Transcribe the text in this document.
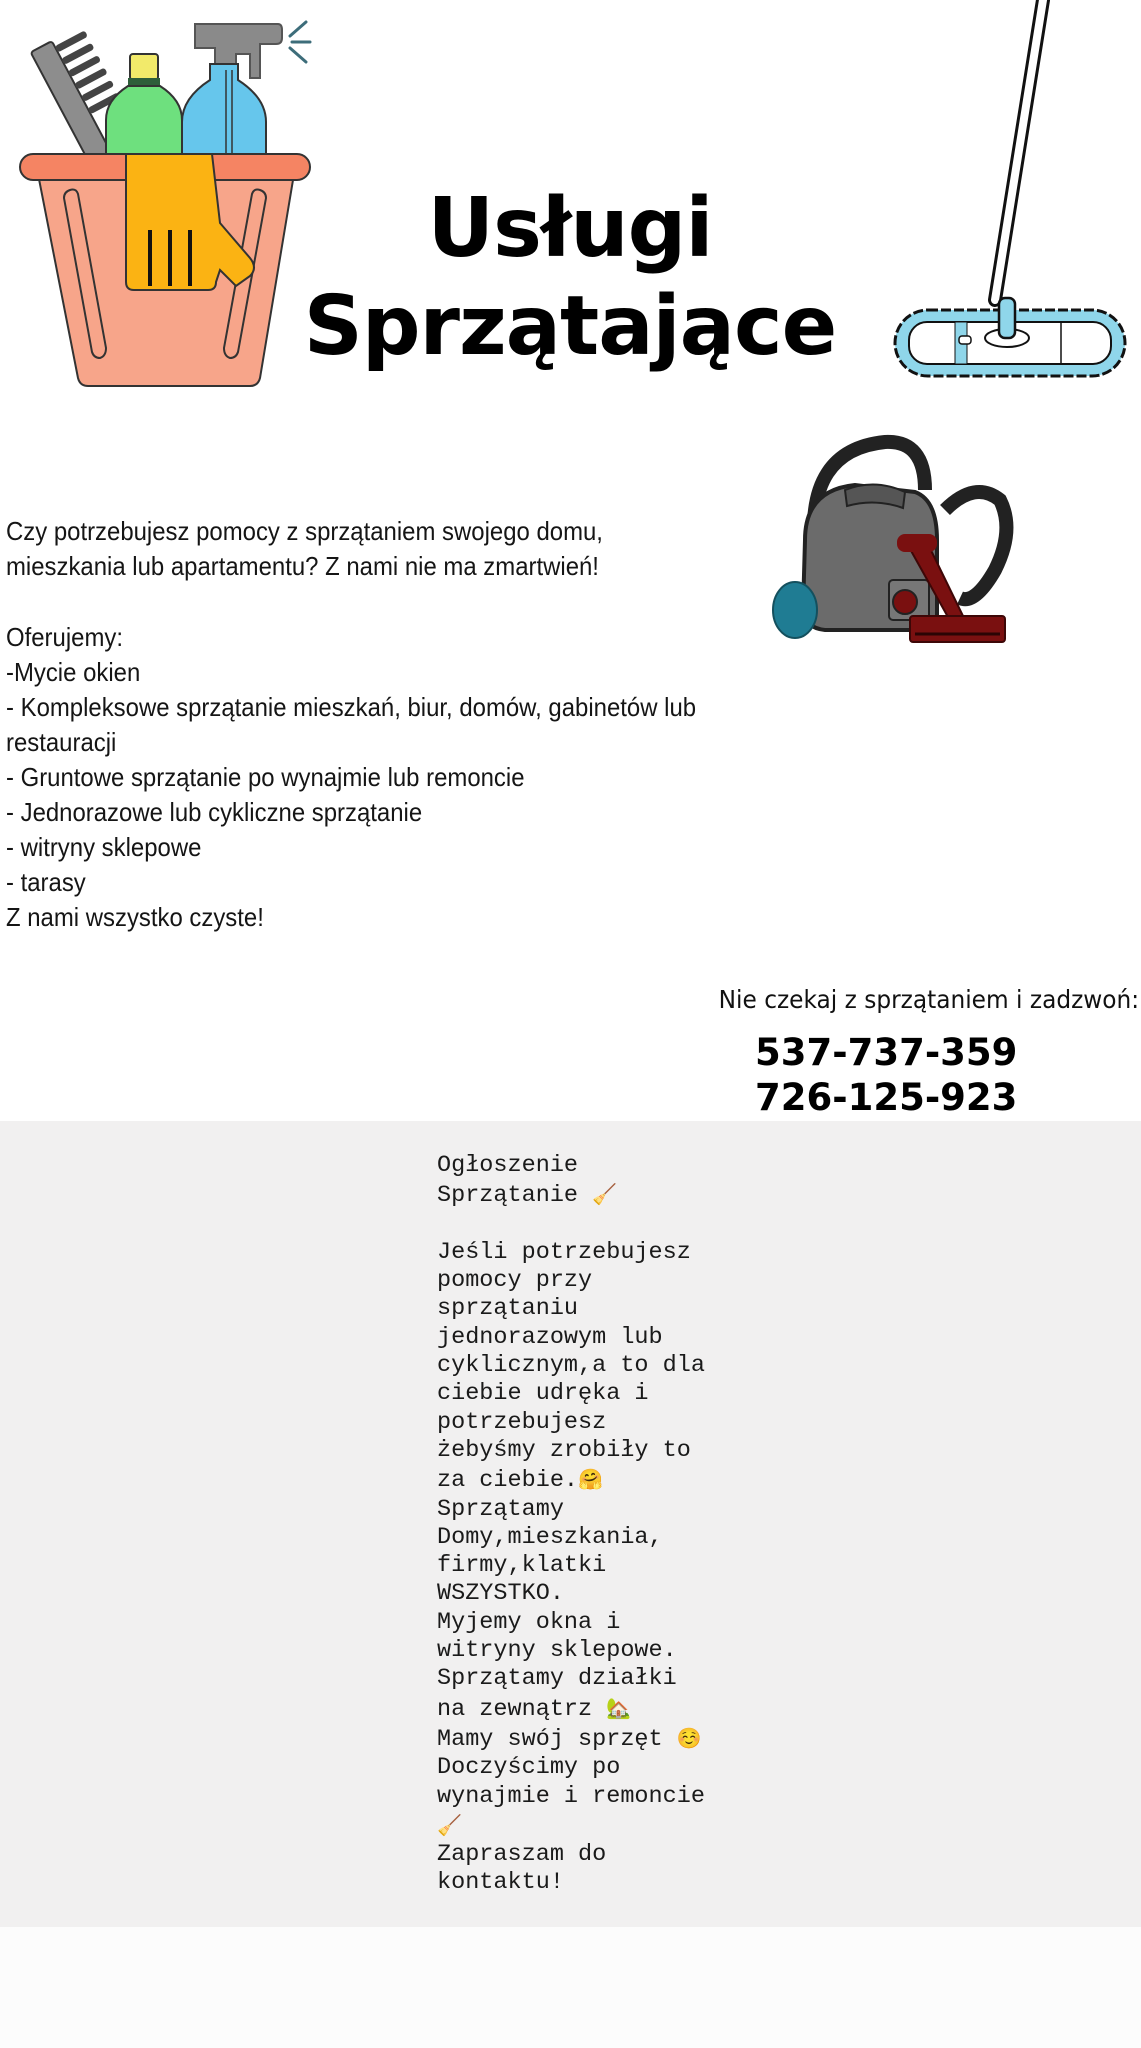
Usługi
Sprzątające
Czy potrzebujesz pomocy z sprzątaniem swojego domu,
mieszkania lub apartamentu? Z nami nie ma zmartwień!
Oferujemy:
-Mycie okien
- Kompleksowe sprzątanie mieszkań, biur, domów, gabinetów lub restauracji
- Gruntowe sprzątanie po wynajmie lub remoncie
- Jednorazowe lub cykliczne sprzątanie
- witryny sklepowe
- tarasy
Z nami wszystko czyste!
Nie czekaj z sprzątaniem i zadzwoń:
537-737-359
726-125-923
Ogłoszenie
Sprzątanie 🧹

Jeśli potrzebujesz
pomocy przy
sprzątaniu
jednorazowym lub
cyklicznym,a to dla
ciebie udręka i
potrzebujesz
żebyśmy zrobiły to
za ciebie.🤗
Sprzątamy
Domy,mieszkania,
firmy,klatki
WSZYSTKO.
Myjemy okna i
witryny sklepowe.
Sprzątamy działki
na zewnątrz 🏡
Mamy swój sprzęt ☺️
Doczyścimy po
wynajmie i remoncie
🧹
Zapraszam do
kontaktu!
